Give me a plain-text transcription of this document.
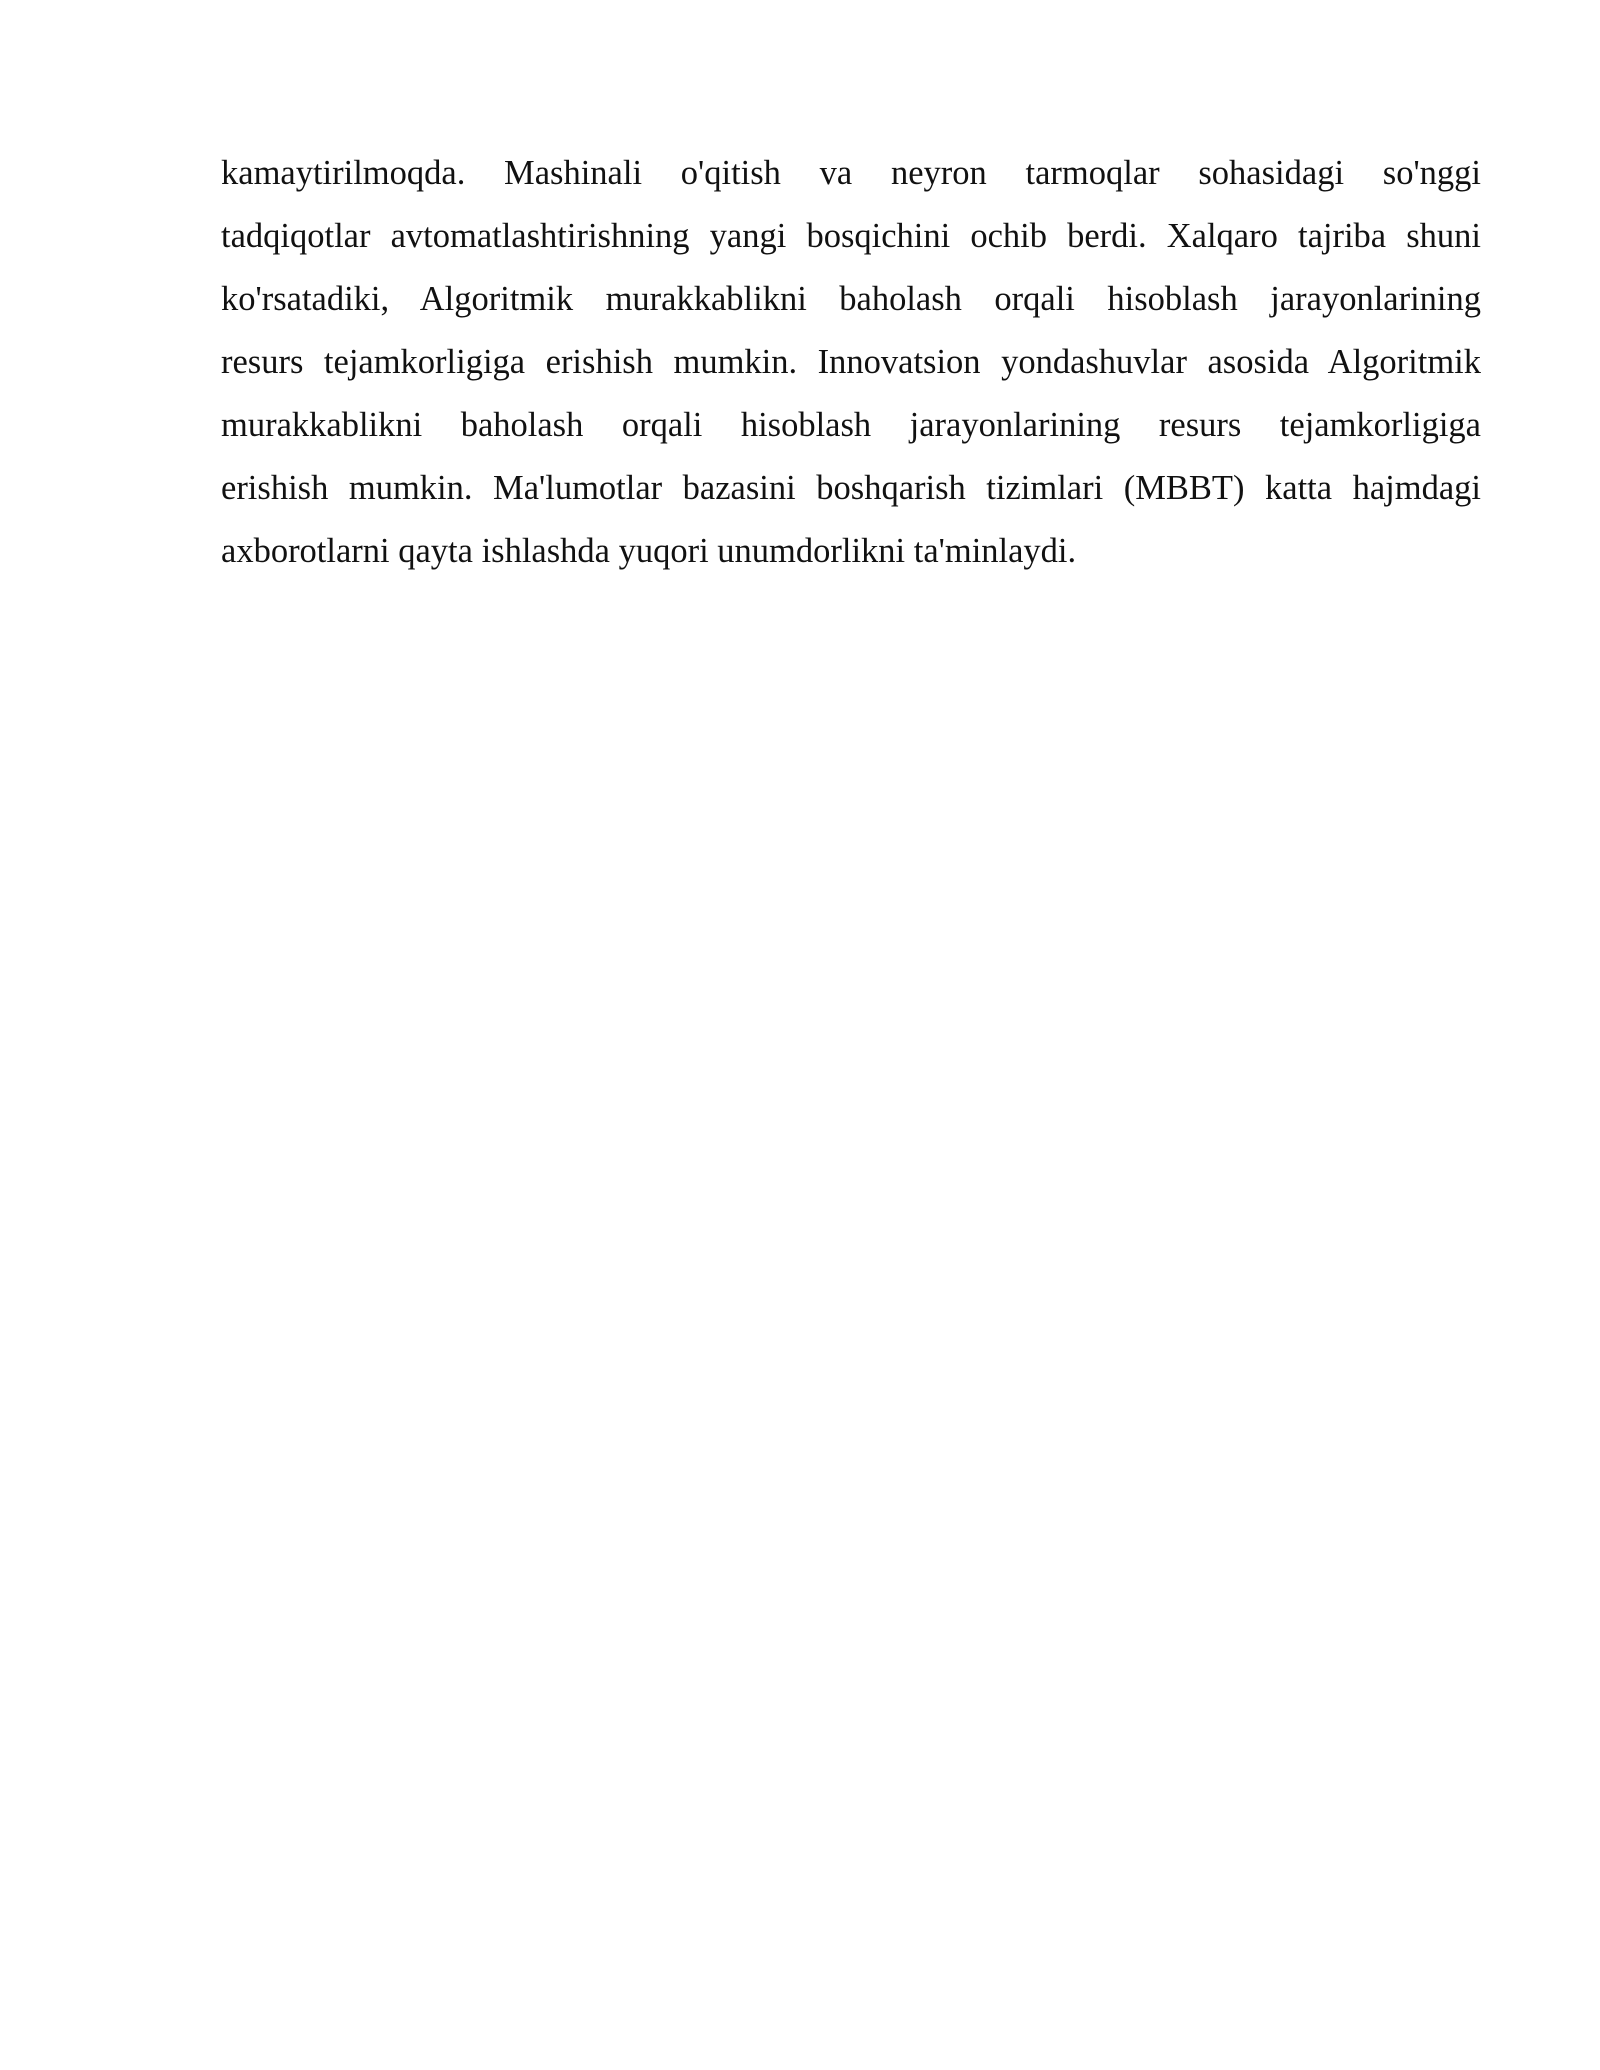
kamaytirilmoqda. Mashinali o'qitish va neyron tarmoqlar sohasidagi so'nggi
tadqiqotlar avtomatlashtirishning yangi bosqichini ochib berdi. Xalqaro tajriba shuni
ko'rsatadiki, Algoritmik murakkablikni baholash orqali hisoblash jarayonlarining
resurs tejamkorligiga erishish mumkin. Innovatsion yondashuvlar asosida Algoritmik
murakkablikni baholash orqali hisoblash jarayonlarining resurs tejamkorligiga
erishish mumkin. Ma'lumotlar bazasini boshqarish tizimlari (MBBT) katta hajmdagi
axborotlarni qayta ishlashda yuqori unumdorlikni ta'minlaydi.
